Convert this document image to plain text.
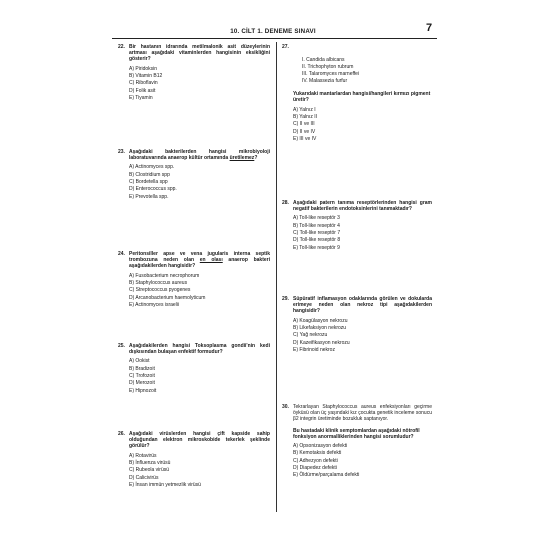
10. CİLT 1. DENEME SINAVI	7
22. Bir hastanın idrarında metilmalonik asit düzeylerinin artması aşağıdaki vitaminlerden hangisinin eksikliğini gösterir?
A) Piridoksin
B) Vitamin B12
C) Riboflavin
D) Folik asit
E) Tiyamin
23. Aşağıdaki bakterilerden hangisi mikrobiyoloji laboratuvarında anaerop kültür ortamında üretilemez?
A) Actinomyces spp.
B) Clostridium spp
C) Bordetella spp
D) Enterococcus spp.
E) Prevotella spp.
24. Peritonsiller apse ve vena jugularis interna septik trombozuna neden olan en olası anaerop bakteri aşağıdakilerden hangisidir?
A) Fusobacterium necrophorum
B) Staphylococcus aureus
C) Streptococcus pyogenes
D) Arcanobacterium haemolyticum
E) Actinomyces israelii
25. Aşağıdakilerden hangisi Toksoplasma gondii'nin kedi dışkısından bulaşan enfektif formudur?
A) Ookist
B) Bradizoit
C) Trofozoit
D) Merozoit
E) Hipnozoit
26. Aşağıdaki virüslerden hangisi çift kapside sahip olduğundan elektron mikroskobide tekerlek şeklinde görülür?
A) Rotavirüs
B) İnfluenza virüsü
C) Rubeola virüsü
D) Calicivirüs
E) İnsan immün yetmezlik virüsü
27.
I. Candida albicans
II. Trichophyton rubrum
III. Talaromyces marneffei
IV. Malassezia furfur
Yukarıdaki mantarlardan hangisi/hangileri kırmızı pigment üretir?
A) Yalnız I
B) Yalnız II
C) II ve III
D) II ve IV
E) III ve IV
28. Aşağıdaki patern tanıma reseptörlerinden hangisi gram negatif bakterilerin endotoksinlerini tanımaktadır?
A) Toll-like reseptör 3
B) Toll-like reseptör 4
C) Toll-like reseptör 7
D) Toll-like reseptör 8
E) Toll-like reseptör 9
29. Süpüratif inflamasyon odaklarında görülen ve dokularda erimeye neden olan nekroz tipi aşağıdakilerden hangisidir?
A) Koagülasyon nekrozu
B) Likefaksiyon nekrozu
C) Yağ nekrozu
D) Kazeifikasyon nekrozu
E) Fibrinoid nekroz
30. Tekrarlayan Staphylococcus aureus enfeksiyonları geçirme öyküsü olan üç yaşındaki kız çocukta genetik inceleme sonucu β2 integrin üretiminde bozukluk saptanıyor.
Bu hastadaki klinik semptomlardan aşağıdaki nötrofil fonksiyon anormalliklerinden hangisi sorumludur?
A) Opsonizasyon defekti
B) Kemotaksis defekti
C) Adhezyon defekti
D) Diapedez defekti
E) Öldürme/parçalama defekti
